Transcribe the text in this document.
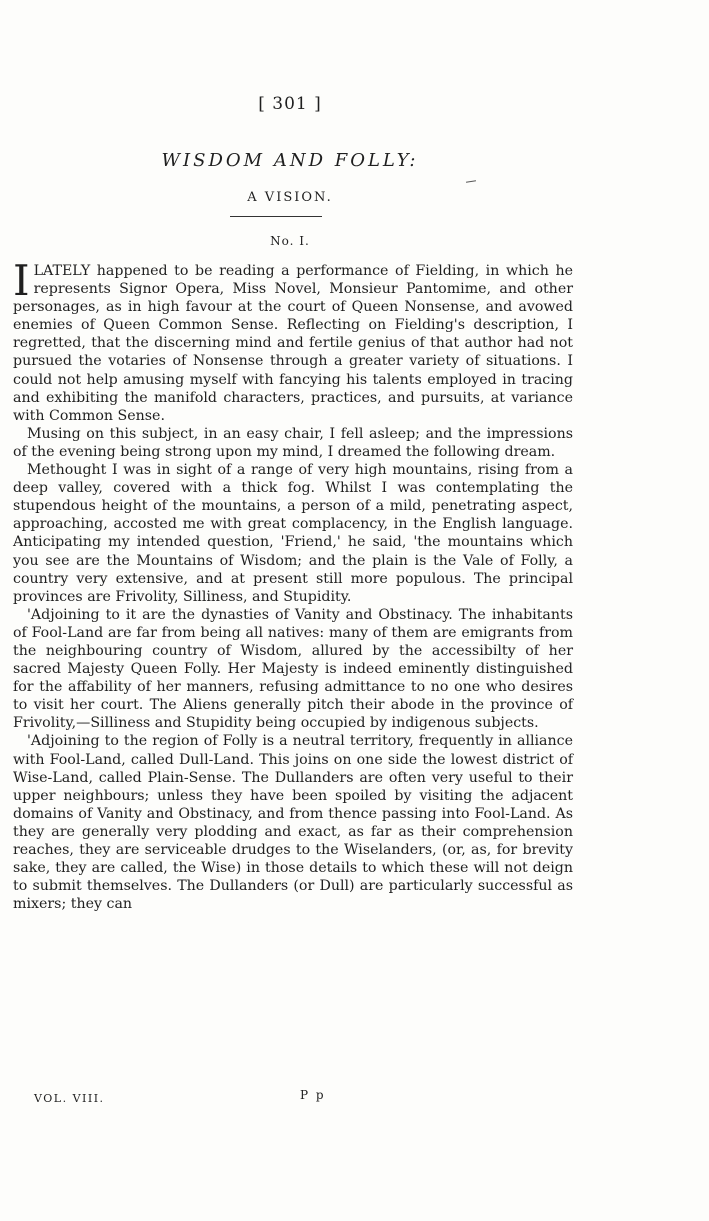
[ 301 ]
WISDOM AND FOLLY:
A VISION.
No. I.

I LATELY happened to be reading a performance of Fielding, in which he represents Signor Opera, Miss Novel, Monsieur Pantomime, and other personages, as in high favour at the court of Queen Nonsense, and avowed enemies of Queen Common Sense. Reflecting on Fielding's description, I regretted, that the discerning mind and fertile genius of that author had not pursued the votaries of Nonsense through a greater variety of situations. I could not help amusing myself with fancying his talents employed in tracing and exhibiting the manifold characters, practices, and pursuits, at variance with Common Sense.

Musing on this subject, in an easy chair, I fell asleep; and the impressions of the evening being strong upon my mind, I dreamed the following dream.

Methought I was in sight of a range of very high mountains, rising from a deep valley, covered with a thick fog. Whilst I was contemplating the stupendous height of the mountains, a person of a mild, penetrating aspect, approaching, accosted me with great complacency, in the English language. Anticipating my intended question, 'Friend,' he said, 'the mountains which you see are the Mountains of Wisdom; and the plain is the Vale of Folly, a country very extensive, and at present still more populous. The principal provinces are Frivolity, Silliness, and Stupidity.

'Adjoining to it are the dynasties of Vanity and Obstinacy. The inhabitants of Fool-Land are far from being all natives: many of them are emigrants from the neighbouring country of Wisdom, allured by the accessibilty of her sacred Majesty Queen Folly. Her Majesty is indeed eminently distinguished for the affability of her manners, refusing admittance to no one who desires to visit her court. The Aliens generally pitch their abode in the province of Frivolity,—Silliness and Stupidity being occupied by indigenous subjects.

'Adjoining to the region of Folly is a neutral territory, frequently in alliance with Fool-Land, called Dull-Land. This joins on one side the lowest district of Wise-Land, called Plain-Sense. The Dullanders are often very useful to their upper neighbours; unless they have been spoiled by visiting the adjacent domains of Vanity and Obstinacy, and from thence passing into Fool-Land. As they are generally very plodding and exact, as far as their comprehension reaches, they are serviceable drudges to the Wiselanders, (or, as, for brevity sake, they are called, the Wise) in those details to which these will not deign to submit themselves. The Dullanders (or Dull) are particularly successful as mixers; they can

VOL. VIII.	P p
